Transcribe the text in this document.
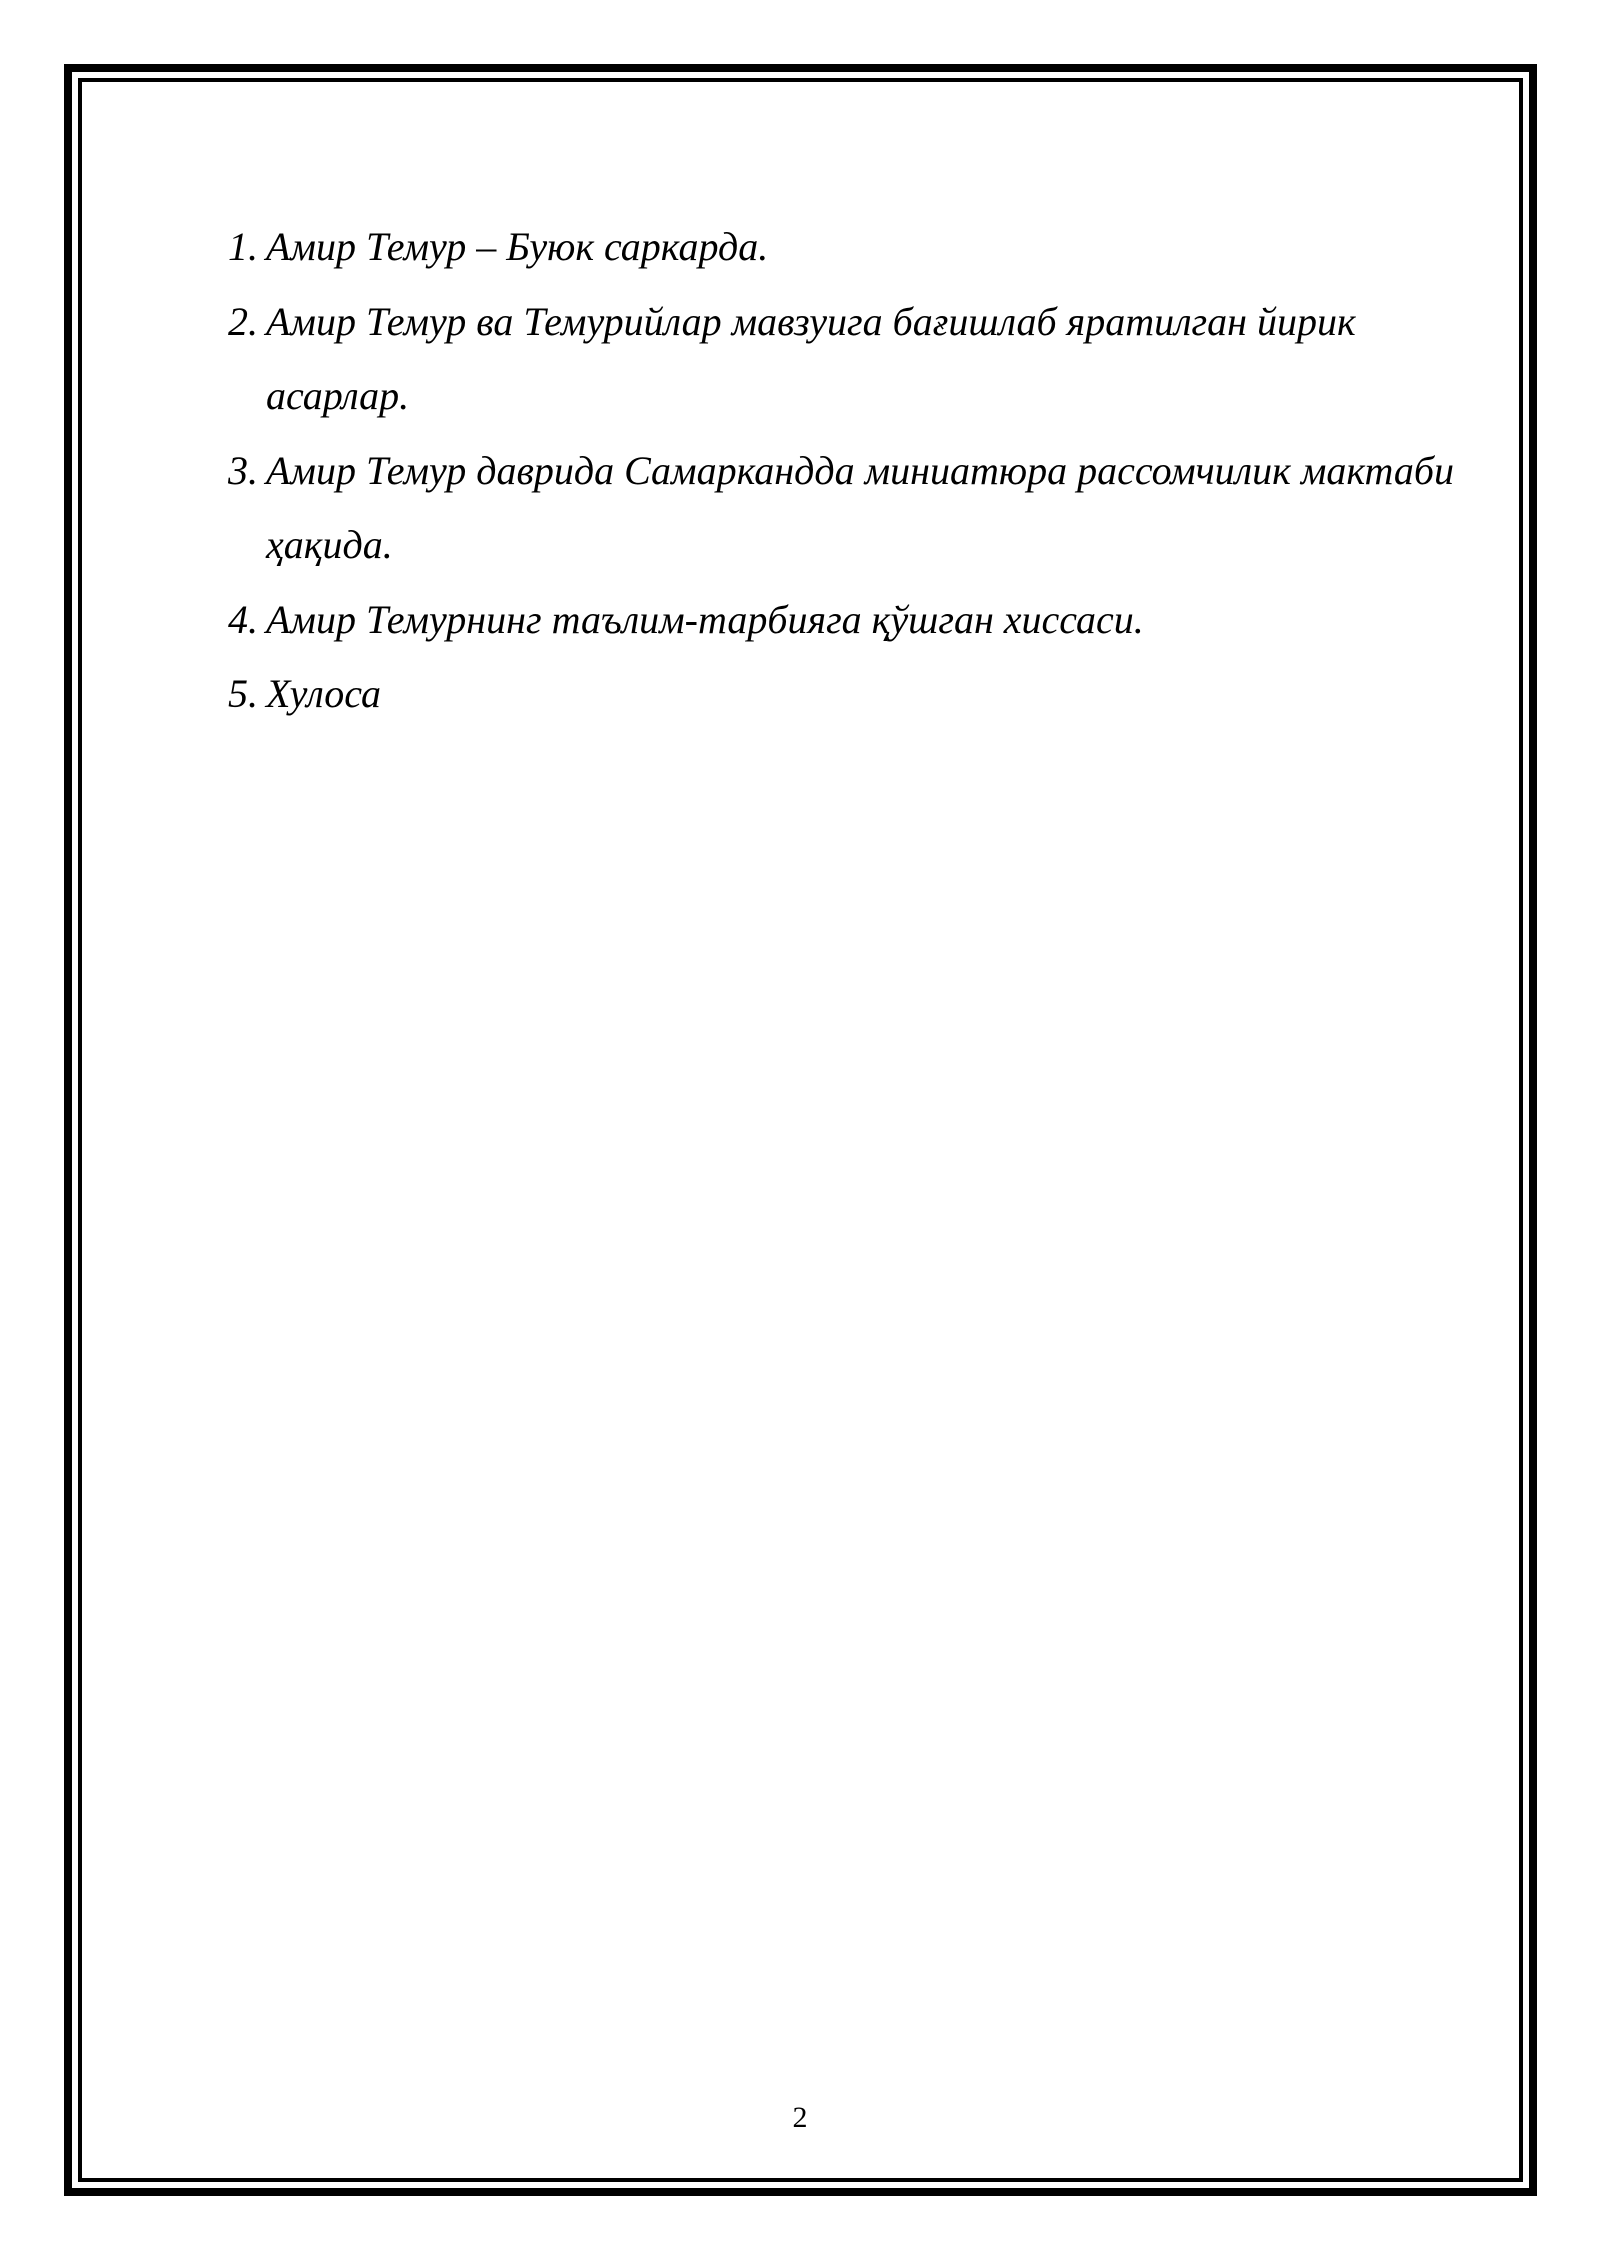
1. Амир Темур – Буюк саркарда.
2. Амир Темур ва Темурийлар мавзуига бағишлаб яратилган йирик асарлар.
3. Амир Темур даврида Самаркандда миниатюра рассомчилик мактаби ҳақида.
4. Амир Темурнинг таълим-тарбияга қўшган хиссаси.
5. Хулоса
2
